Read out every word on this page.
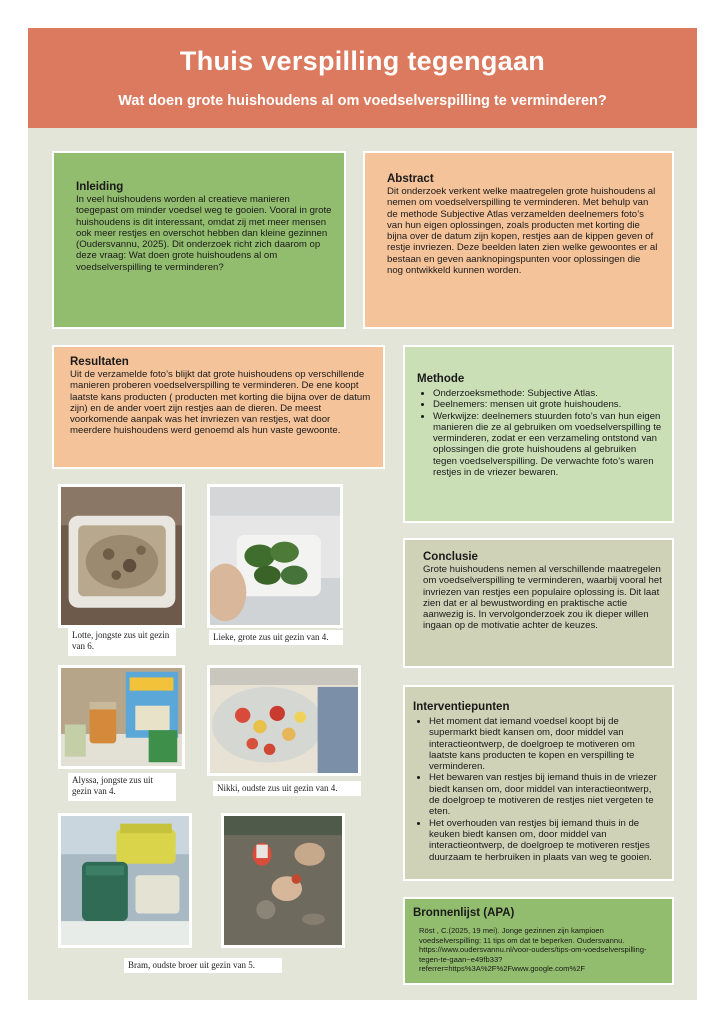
Thuis verspilling tegengaan
Wat doen grote huishoudens al om voedselverspilling te verminderen?
Inleiding

In veel huishoudens worden al creatieve manieren toegepast om minder voedsel weg te gooien. Vooral in grote huishoudens is dit interessant, omdat zij met meer mensen ook meer restjes en overschot hebben dan kleine gezinnen (Oudersvannu, 2025). Dit onderzoek richt zich daarom op deze vraag: Wat doen grote huishoudens al om voedselverspilling te verminderen?

Abstract

Dit onderzoek verkent welke maatregelen grote huishoudens al nemen om voedselverspilling te verminderen. Met behulp van de methode Subjective Atlas verzamelden deelnemers foto’s van hun eigen oplossingen, zoals producten met korting die bijna over de datum zijn kopen, restjes aan de kippen geven of restje invriezen. Deze beelden laten zien welke gewoontes er al bestaan en geven aanknopingspunten voor oplossingen die nog ontwikkeld kunnen worden.

Resultaten

Uit de verzamelde foto’s blijkt dat grote huishoudens op verschillende manieren proberen voedselverspilling te verminderen. De ene koopt laatste kans producten ( producten met korting die bijna over de datum zijn) en de ander voert zijn restjes aan de dieren. De meest voorkomende aanpak was het invriezen van restjes, wat door meerdere huishoudens werd genoemd als hun vaste gewoonte.

Methode
• Onderzoeksmethode: Subjective Atlas.
• Deelnemers: mensen uit grote huishoudens.
• Werkwijze: deelnemers stuurden foto’s van hun eigen manieren die ze al gebruiken om voedselverspilling te verminderen, zodat er een verzameling ontstond van oplossingen die grote huishoudens al gebruiken tegen voedselverspilling. De verwachte foto’s waren restjes in de vriezer bewaren.
Conclusie

Grote huishoudens nemen al verschillende maatregelen om voedselverspilling te verminderen, waarbij vooral het invriezen van restjes een populaire oplossing is. Dit laat zien dat er al bewustwording en praktische actie aanwezig is. In vervolgonderzoek zou ik dieper willen ingaan op de motivatie achter de keuzes.

Interventiepunten
• Het moment dat iemand voedsel koopt bij de supermarkt biedt kansen om, door middel van interactieontwerp, de doelgroep te motiveren om laatste kans producten te kopen en verspilling te verminderen.
• Het bewaren van restjes bij iemand thuis in de vriezer biedt kansen om, door middel van interactieontwerp, de doelgroep te motiveren de restjes niet vergeten te eten.
• Het overhouden van restjes bij iemand thuis in de keuken biedt kansen om, door middel van interactieontwerp, de doelgroep te motiveren restjes duurzaam te herbruiken in plaats van weg te gooien.
Bronnenlijst (APA)

Röst , C.(2025, 19 mei). Jonge gezinnen zijn kampioen voedselverspilling: 11 tips om dat te beperken. Oudersvannu. https://www.oudersvannu.nl/voor-ouders/tips-om-voedselverspilling-tegen-te-gaan~e49fb33?referrer=https%3A%2F%2Fwww.google.com%2F

Lotte, jongste zus uit gezin van 6.
Lieke, grote zus uit gezin van 4.
Alyssa, jongste zus uit gezin van 4.	Nikki, oudste zus uit gezin van 4.
Bram, oudste broer uit gezin van 5.
